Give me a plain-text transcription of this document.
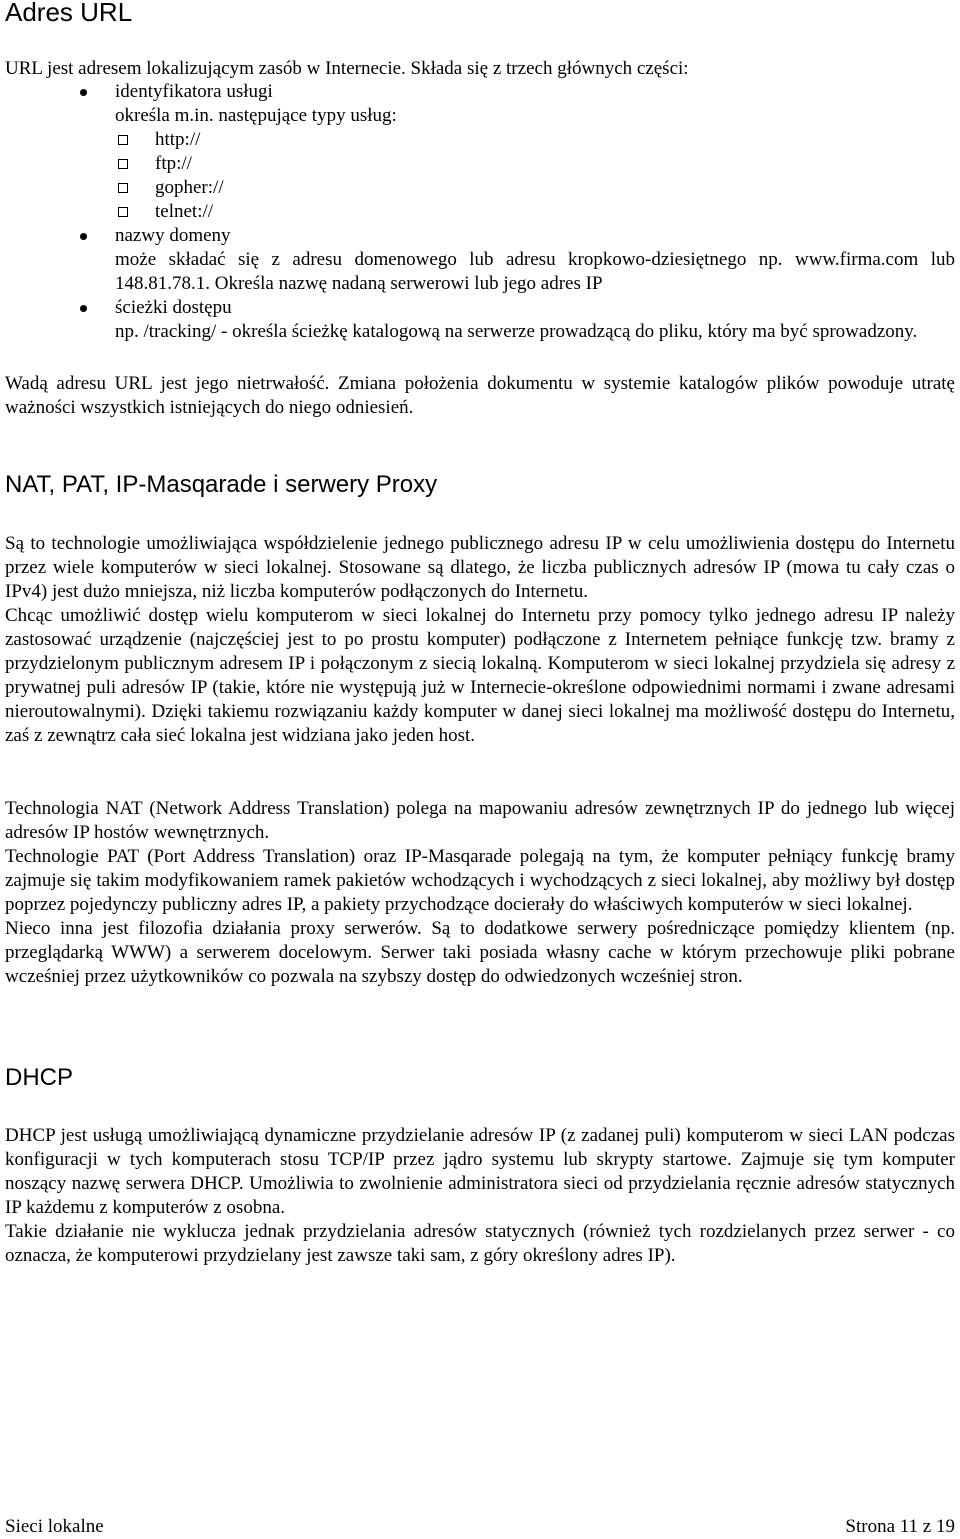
Adres URL

URL jest adresem lokalizującym zasób w Internecie. Składa się z trzech głównych części:

identyfikatora usługi
określa m.in. następujące typy usług:
http://
ftp://
gopher://
telnet://
nazwy domeny
może składać się z adresu domenowego lub adresu kropkowo-dziesiętnego np. www.firma.com lub 148.81.78.1. Określa nazwę nadaną serwerowi lub jego adres IP
ścieżki dostępu
np. /tracking/ - określa ścieżkę katalogową na serwerze prowadzącą do pliku, który ma być sprowadzony.

Wadą adresu URL jest jego nietrwałość. Zmiana położenia dokumentu w systemie katalogów plików powoduje utratę ważności wszystkich istniejących do niego odniesień.

NAT, PAT, IP-Masqarade i serwery Proxy

Są to technologie umożliwiająca współdzielenie jednego publicznego adresu IP w celu umożliwienia dostępu do Internetu przez wiele komputerów w sieci lokalnej. Stosowane są dlatego, że liczba publicznych adresów IP (mowa tu cały czas o IPv4) jest dużo mniejsza, niż liczba komputerów podłączonych do Internetu.

Chcąc umożliwić dostęp wielu komputerom w sieci lokalnej do Internetu przy pomocy tylko jednego adresu IP należy zastosować urządzenie (najczęściej jest to po prostu komputer) podłączone z Internetem pełniące funkcję tzw. bramy z przydzielonym publicznym adresem IP i połączonym z siecią lokalną. Komputerom w sieci lokalnej przydziela się adresy z prywatnej puli adresów IP (takie, które nie występują już w Internecie-określone odpowiednimi normami i zwane adresami nieroutowalnymi). Dzięki takiemu rozwiązaniu każdy komputer w danej sieci lokalnej ma możliwość dostępu do Internetu, zaś z zewnątrz cała sieć lokalna jest widziana jako jeden host.

Technologia NAT (Network Address Translation) polega na mapowaniu adresów zewnętrznych IP do jednego lub więcej adresów IP hostów wewnętrznych.

Technologie PAT (Port Address Translation) oraz IP-Masqarade polegają na tym, że komputer pełniący funkcję bramy zajmuje się takim modyfikowaniem ramek pakietów wchodzących i wychodzących z sieci lokalnej, aby możliwy był dostęp poprzez pojedynczy publiczny adres IP, a pakiety przychodzące docierały do właściwych komputerów w sieci lokalnej.

Nieco inna jest filozofia działania proxy serwerów. Są to dodatkowe serwery pośredniczące pomiędzy klientem (np. przeglądarką WWW) a serwerem docelowym. Serwer taki posiada własny cache w którym przechowuje pliki pobrane wcześniej przez użytkowników co pozwala na szybszy dostęp do odwiedzonych wcześniej stron.

DHCP

DHCP jest usługą umożliwiającą dynamiczne przydzielanie adresów IP (z zadanej puli) komputerom w sieci LAN podczas konfiguracji w tych komputerach stosu TCP/IP przez jądro systemu lub skrypty startowe. Zajmuje się tym komputer noszący nazwę serwera DHCP. Umożliwia to zwolnienie administratora sieci od przydzielania ręcznie adresów statycznych IP każdemu z komputerów z osobna.

Takie działanie nie wyklucza jednak przydzielania adresów statycznych (również tych rozdzielanych przez serwer - co oznacza, że komputerowi przydzielany jest zawsze taki sam, z góry określony adres IP).

Sieci lokalne	Strona 11 z 19
